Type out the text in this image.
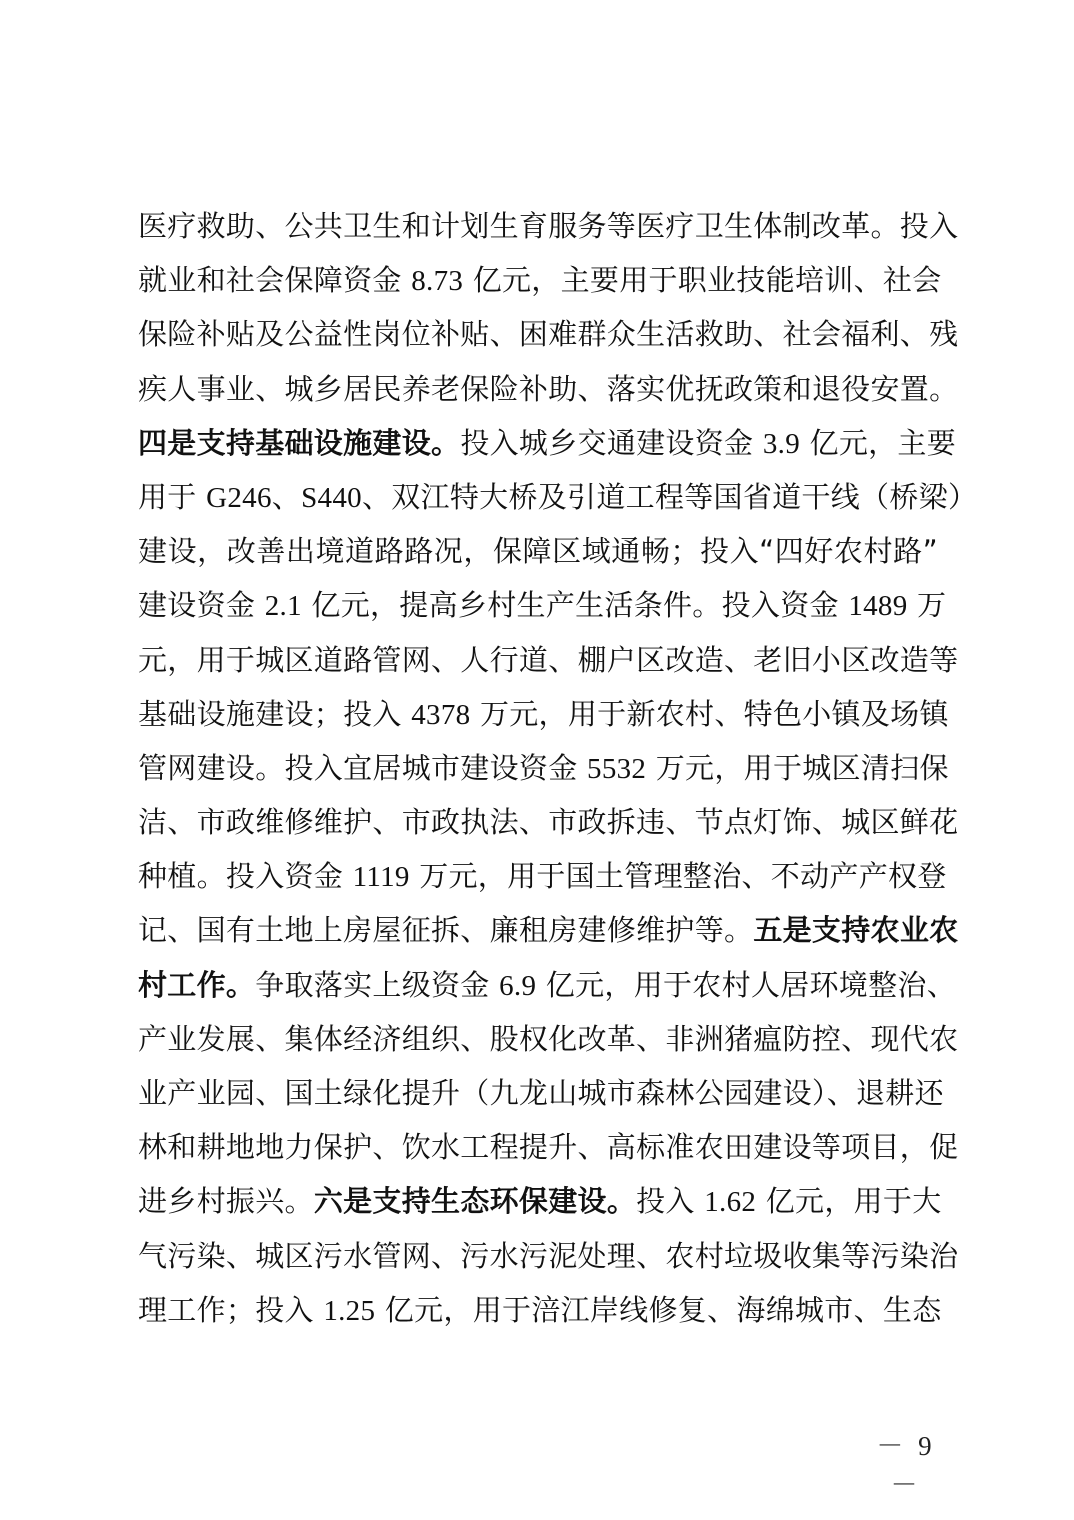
医疗救助、公共卫生和计划生育服务等医疗卫生体制改革。投入
就业和社会保障资金 8.73 亿元，主要用于职业技能培训、社会
保险补贴及公益性岗位补贴、困难群众生活救助、社会福利、残
疾人事业、城乡居民养老保险补助、落实优抚政策和退役安置。
四是支持基础设施建设。投入城乡交通建设资金 3.9 亿元，主要
用于 G246、S440、双江特大桥及引道工程等国省道干线（桥梁）
建设，改善出境道路路况，保障区域通畅；投入“四好农村路”
建设资金 2.1 亿元，提高乡村生产生活条件。投入资金 1489 万
元，用于城区道路管网、人行道、棚户区改造、老旧小区改造等
基础设施建设；投入 4378 万元，用于新农村、特色小镇及场镇
管网建设。投入宜居城市建设资金 5532 万元，用于城区清扫保
洁、市政维修维护、市政执法、市政拆违、节点灯饰、城区鲜花
种植。投入资金 1119 万元，用于国土管理整治、不动产产权登
记、国有土地上房屋征拆、廉租房建修维护等。五是支持农业农
村工作。争取落实上级资金 6.9 亿元，用于农村人居环境整治、
产业发展、集体经济组织、股权化改革、非洲猪瘟防控、现代农
业产业园、国土绿化提升（九龙山城市森林公园建设）、退耕还
林和耕地地力保护、饮水工程提升、高标准农田建设等项目，促
进乡村振兴。六是支持生态环保建设。投入 1.62 亿元，用于大
气污染、城区污水管网、污水污泥处理、农村垃圾收集等污染治
理工作；投入 1.25 亿元，用于涪江岸线修复、海绵城市、生态
－ 9 －
